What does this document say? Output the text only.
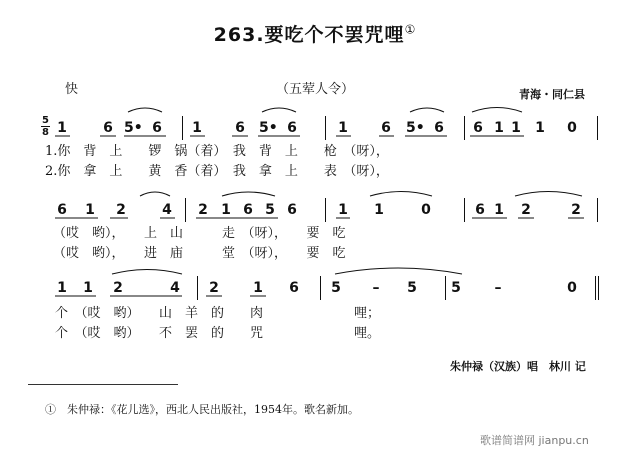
263.要吃个不罢咒哩①
快	（五荤人令）	青海・同仁县
5
8 1	6 5• 6 1 6 5• 6	1 6 5• 6 6 1 1 1 0
1.你　背　上　　锣　锅（着）　我　背　上　　枪　（呀），
2.你　拿　上　　黄　香（着）　我　拿　上　　表　（呀），
6 1 2	4 2 1 6 5 6	1 1	0	6 1 2	2
（哎　哟），　　上　山　　　走　（呀），　　要　吃
（哎　哟），　　进　庙　　　堂　（呀），　　要　吃
1 1 2	4 2 1 6 5 – 5 5 –	0
个　（哎　哟）　　山　羊　的　　肉　　　　　　　哩；
个　（哎　哟）　　不　罢　的　　咒　　　　　　　哩。
朱仲禄（汉族）唱　林川 记
①　朱仲禄：《花儿选》，西北人民出版社，1954年。歌名新加。
歌谱简谱网 jianpu.cn
